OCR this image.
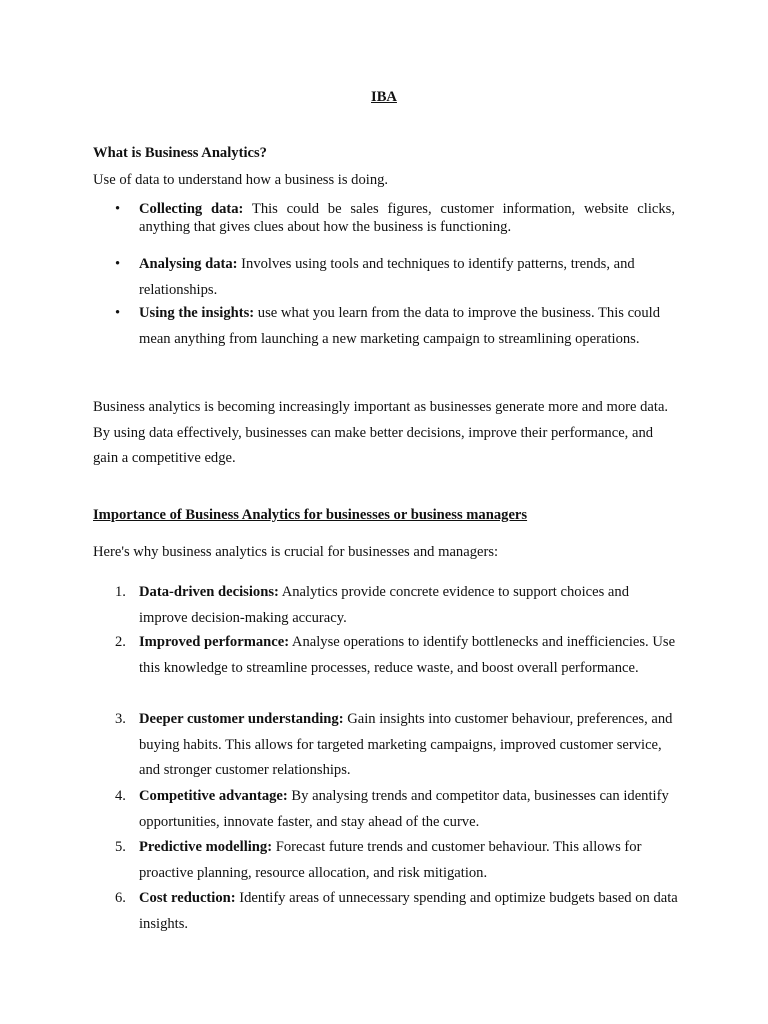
IBA
What is Business Analytics?
Use of data to understand how a business is doing.
• Collecting data: This could be sales figures, customer information, website clicks, anything that gives clues about how the business is functioning.
• Analysing data: Involves using tools and techniques to identify patterns, trends, and relationships.
• Using the insights: use what you learn from the data to improve the business. This could mean anything from launching a new marketing campaign to streamlining operations.
Business analytics is becoming increasingly important as businesses generate more and more data. By using data effectively, businesses can make better decisions, improve their performance, and gain a competitive edge.
Importance of Business Analytics for businesses or business managers
Here's why business analytics is crucial for businesses and managers:
1. Data-driven decisions: Analytics provide concrete evidence to support choices and improve decision-making accuracy.
2. Improved performance: Analyse operations to identify bottlenecks and inefficiencies. Use this knowledge to streamline processes, reduce waste, and boost overall performance.
3. Deeper customer understanding: Gain insights into customer behaviour, preferences, and buying habits. This allows for targeted marketing campaigns, improved customer service, and stronger customer relationships.
4. Competitive advantage: By analysing trends and competitor data, businesses can identify opportunities, innovate faster, and stay ahead of the curve.
5. Predictive modelling: Forecast future trends and customer behaviour. This allows for proactive planning, resource allocation, and risk mitigation.
6. Cost reduction: Identify areas of unnecessary spending and optimize budgets based on data insights.
